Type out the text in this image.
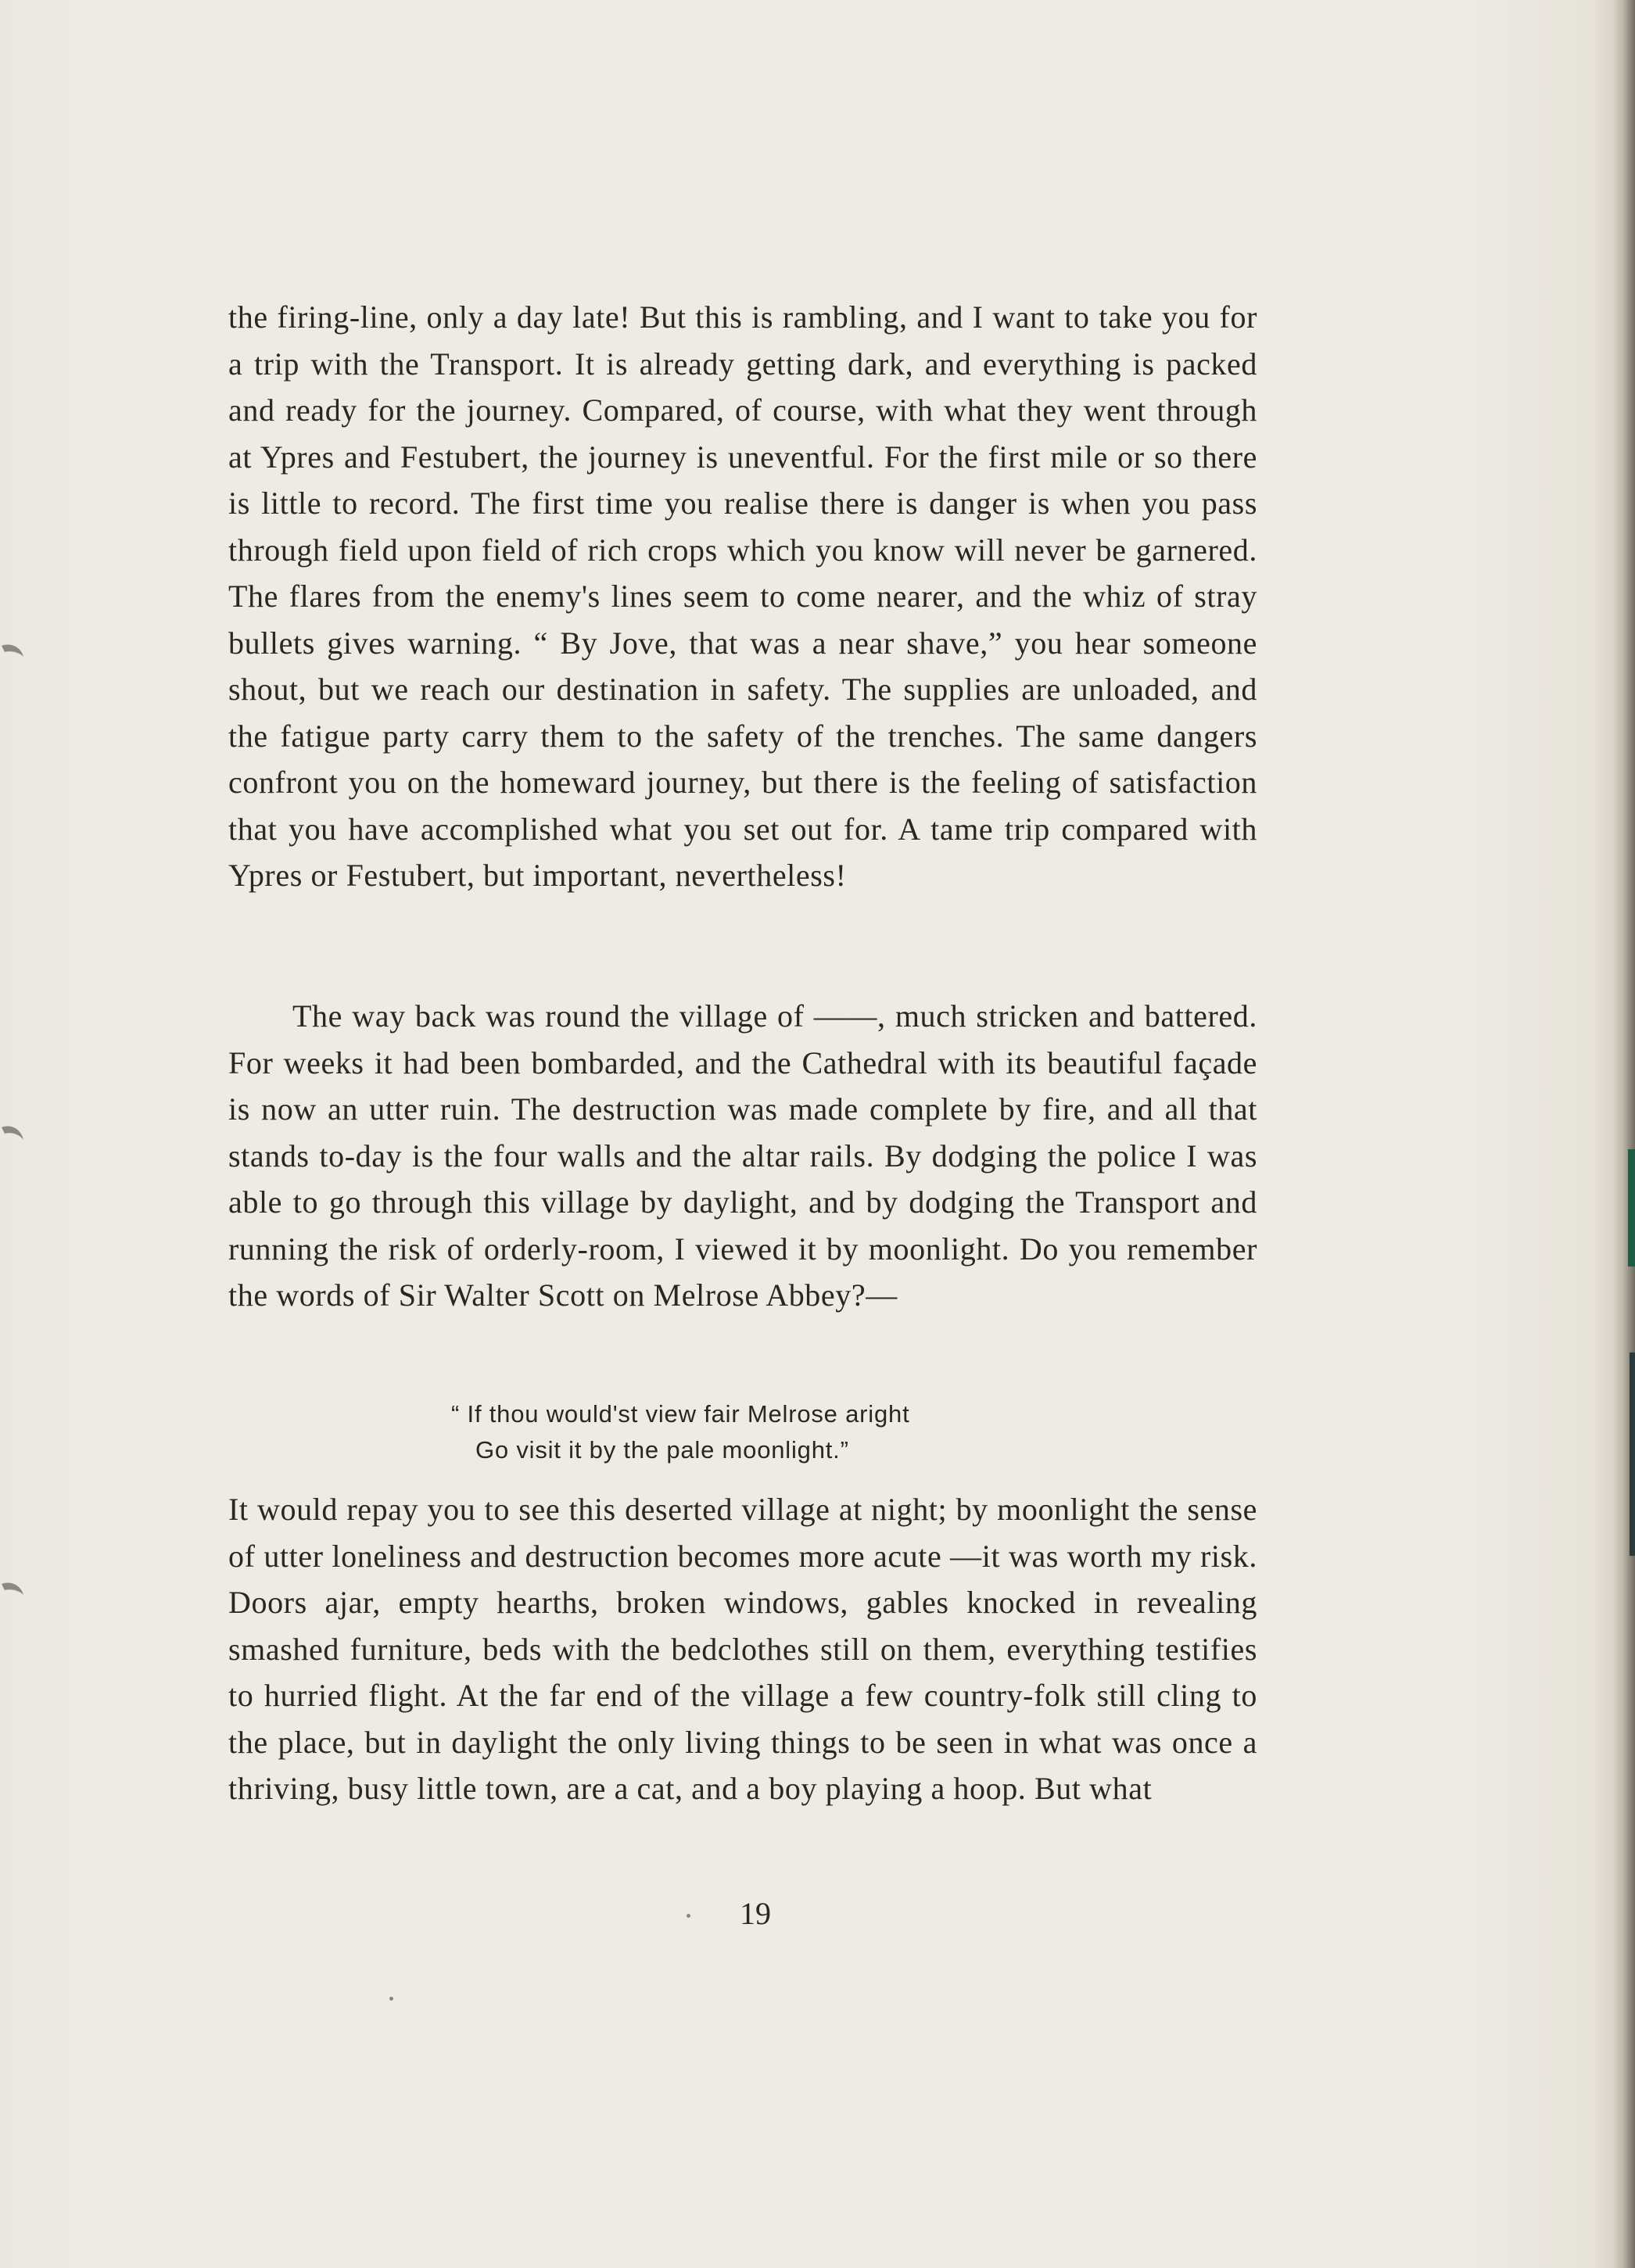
the firing-line, only a day late! But this is rambling, and I want to take you for a trip with the Transport. It is already getting dark, and everything is packed and ready for the journey. Compared, of course, with what they went through at Ypres and Festubert, the journey is uneventful. For the first mile or so there is little to record. The first time you realise there is danger is when you pass through field upon field of rich crops which you know will never be garnered. The flares from the enemy's lines seem to come nearer, and the whiz of stray bullets gives warning. “ By Jove, that was a near shave,” you hear someone shout, but we reach our destination in safety. The supplies are unloaded, and the fatigue party carry them to the safety of the trenches. The same dangers confront you on the homeward journey, but there is the feeling of satisfaction that you have accomplished what you set out for. A tame trip compared with Ypres or Festubert, but important, nevertheless!

The way back was round the village of ——, much stricken and battered. For weeks it had been bombarded, and the Cathedral with its beautiful façade is now an utter ruin. The destruction was made complete by fire, and all that stands to-day is the four walls and the altar rails. By dodging the police I was able to go through this village by daylight, and by dodging the Transport and running the risk of orderly-room, I viewed it by moonlight. Do you remember the words of Sir Walter Scott on Melrose Abbey?—

“ If thou would'st view fair Melrose aright
Go visit it by the pale moonlight.”

It would repay you to see this deserted village at night; by moonlight the sense of utter loneliness and destruction becomes more acute —it was worth my risk. Doors ajar, empty hearths, broken windows, gables knocked in revealing smashed furniture, beds with the bedclothes still on them, everything testifies to hurried flight. At the far end of the village a few country-folk still cling to the place, but in daylight the only living things to be seen in what was once a thriving, busy little town, are a cat, and a boy playing a hoop. But what

19
